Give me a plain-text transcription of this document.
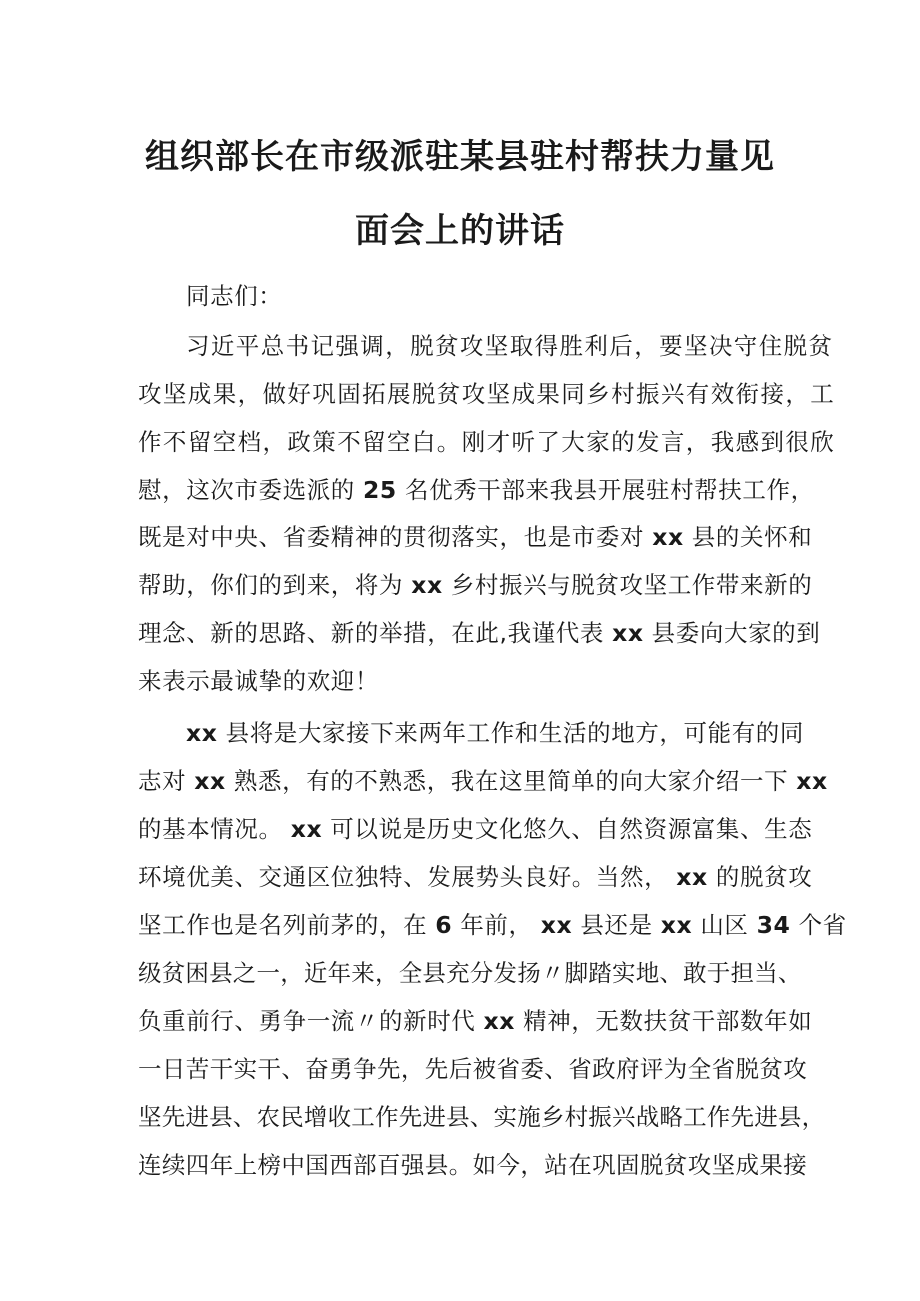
组织部长在市级派驻某县驻村帮扶力量见
面会上的讲话
同志们：
习近平总书记强调，脱贫攻坚取得胜利后，要坚决守住脱贫
攻坚成果，做好巩固拓展脱贫攻坚成果同乡村振兴有效衔接，工
作不留空档，政策不留空白。刚才听了大家的发言，我感到很欣
慰，这次市委选派的 25 名优秀干部来我县开展驻村帮扶工作，
既是对中央、省委精神的贯彻落实，也是市委对 xx 县的关怀和
帮助，你们的到来，将为 xx 乡村振兴与脱贫攻坚工作带来新的
理念、新的思路、新的举措，在此,我谨代表 xx 县委向大家的到
来表示最诚挚的欢迎！
xx 县将是大家接下来两年工作和生活的地方，可能有的同
志对 xx 熟悉，有的不熟悉，我在这里简单的向大家介绍一下 xx
的基本情况。 xx 可以说是历史文化悠久、自然资源富集、生态
环境优美、交通区位独特、发展势头良好。当然， xx 的脱贫攻
坚工作也是名列前茅的，在 6 年前， xx 县还是 xx 山区 34 个省
级贫困县之一，近年来，全县充分发扬〃脚踏实地、敢于担当、
负重前行、勇争一流〃的新时代 xx 精神，无数扶贫干部数年如
一日苦干实干、奋勇争先，先后被省委、省政府评为全省脱贫攻
坚先进县、农民增收工作先进县、实施乡村振兴战略工作先进县，
连续四年上榜中国西部百强县。如今，站在巩固脱贫攻坚成果接
